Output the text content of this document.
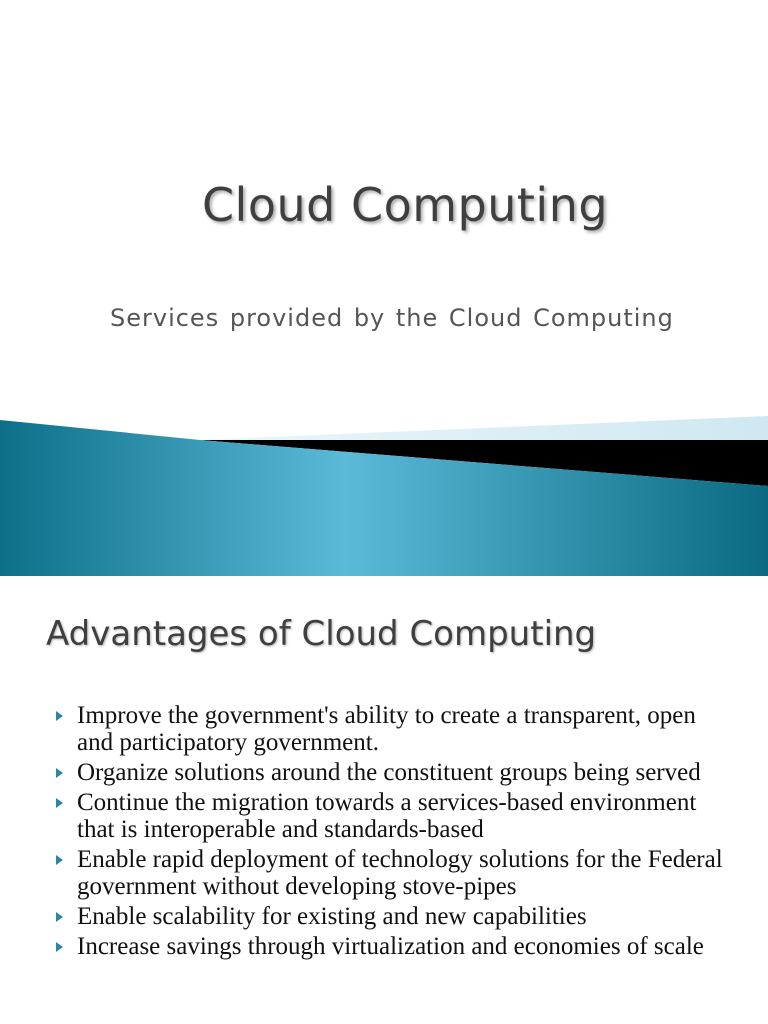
Cloud Computing
Services provided by the Cloud Computing
Advantages of Cloud Computing
Improve the government's ability to create a transparent, open and participatory government.
Organize solutions around the constituent groups being served
Continue the migration towards a services-based environment that is interoperable and standards-based
Enable rapid deployment of technology solutions for the Federal government without developing stove-pipes
Enable scalability for existing and new capabilities
Increase savings through virtualization and economies of scale
